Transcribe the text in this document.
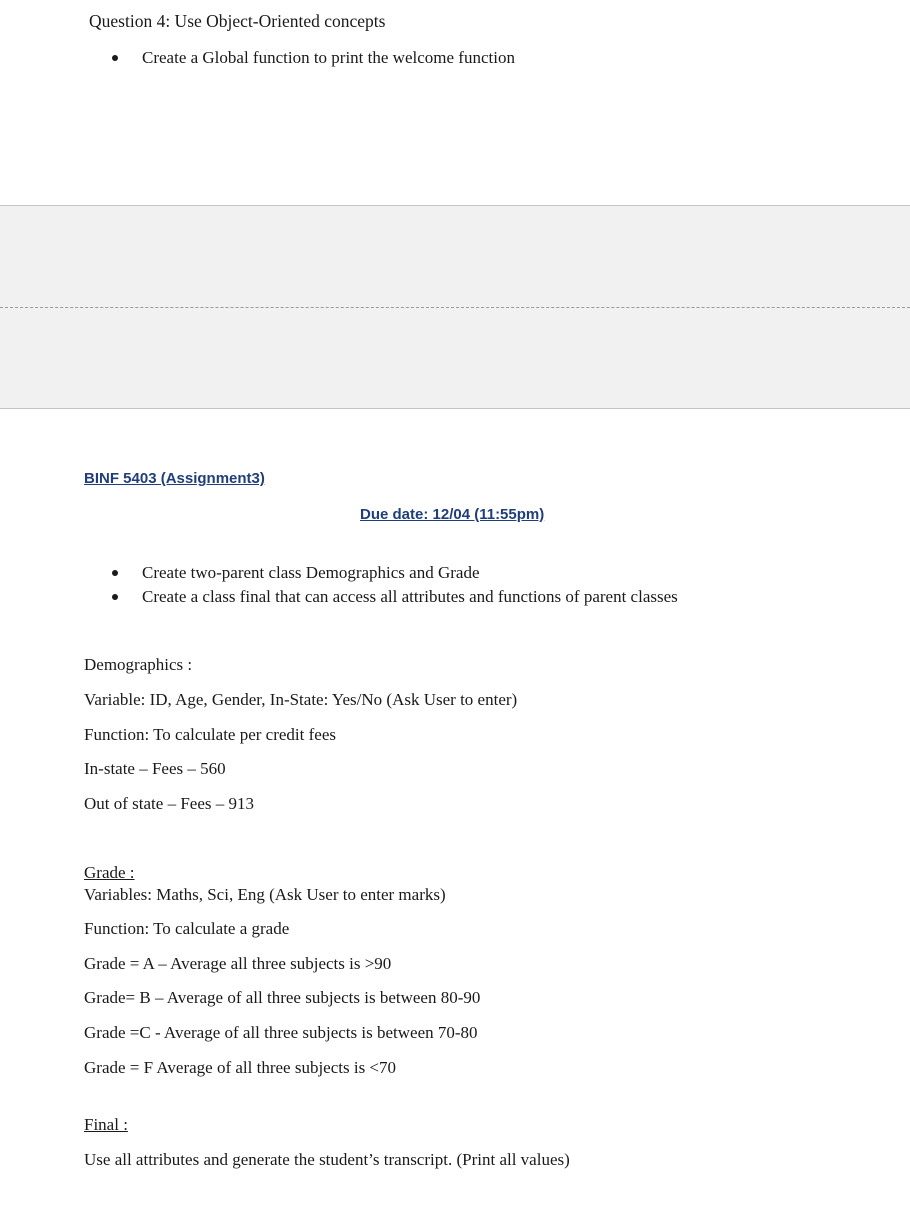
Question 4: Use Object-Oriented concepts
Create a Global function to print the welcome function
BINF 5403 (Assignment3)
Due date: 12/04 (11:55pm)
Create two-parent class Demographics and Grade
Create a class final that can access all attributes and functions of parent classes
Demographics :
Variable: ID, Age, Gender, In-State: Yes/No (Ask User to enter)
Function: To calculate per credit fees
In-state – Fees – 560
Out of state – Fees – 913
Grade :
Variables: Maths, Sci, Eng (Ask User to enter marks)
Function: To calculate a grade
Grade = A – Average all three subjects is >90
Grade= B – Average of all three subjects is between 80-90
Grade =C - Average of all three subjects is between 70-80
Grade = F Average of all three subjects is <70
Final :
Use all attributes and generate the student’s transcript. (Print all values)
